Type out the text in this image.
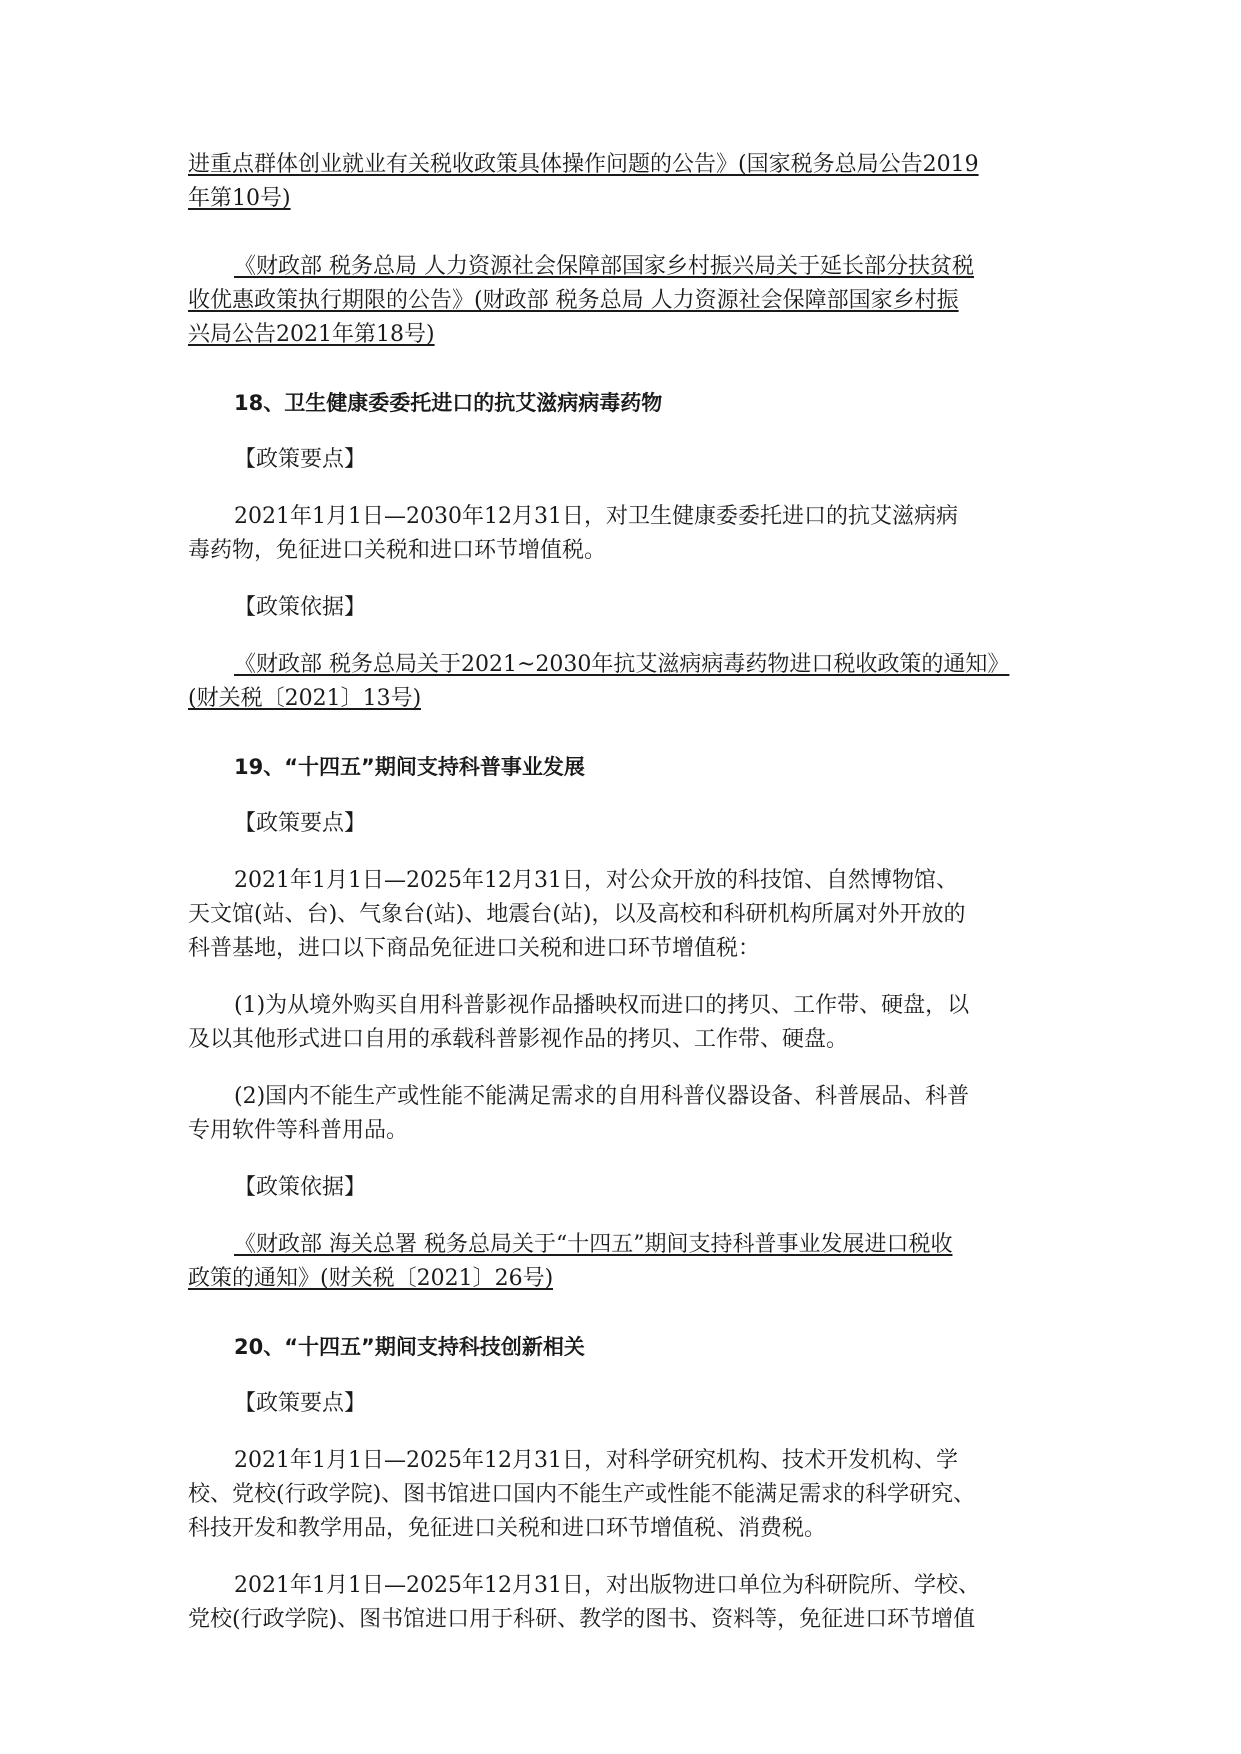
进重点群体创业就业有关税收政策具体操作问题的公告》(国家税务总局公告2019
年第10号)

《财政部 税务总局 人力资源社会保障部国家乡村振兴局关于延长部分扶贫税
收优惠政策执行期限的公告》(财政部 税务总局 人力资源社会保障部国家乡村振
兴局公告2021年第18号)

18、卫生健康委委托进口的抗艾滋病病毒药物

【政策要点】

2021年1月1日—2030年12月31日，对卫生健康委委托进口的抗艾滋病病
毒药物，免征进口关税和进口环节增值税。

【政策依据】

《财政部 税务总局关于2021~2030年抗艾滋病病毒药物进口税收政策的通知》
(财关税〔2021〕13号)

19、“十四五”期间支持科普事业发展

【政策要点】

2021年1月1日—2025年12月31日，对公众开放的科技馆、自然博物馆、
天文馆(站、台)、气象台(站)、地震台(站)，以及高校和科研机构所属对外开放的
科普基地，进口以下商品免征进口关税和进口环节增值税：

(1)为从境外购买自用科普影视作品播映权而进口的拷贝、工作带、硬盘，以
及以其他形式进口自用的承载科普影视作品的拷贝、工作带、硬盘。

(2)国内不能生产或性能不能满足需求的自用科普仪器设备、科普展品、科普
专用软件等科普用品。

【政策依据】

《财政部 海关总署 税务总局关于“十四五”期间支持科普事业发展进口税收
政策的通知》(财关税〔2021〕26号)

20、“十四五”期间支持科技创新相关

【政策要点】

2021年1月1日—2025年12月31日，对科学研究机构、技术开发机构、学
校、党校(行政学院)、图书馆进口国内不能生产或性能不能满足需求的科学研究、
科技开发和教学用品，免征进口关税和进口环节增值税、消费税。

2021年1月1日—2025年12月31日，对出版物进口单位为科研院所、学校、
党校(行政学院)、图书馆进口用于科研、教学的图书、资料等，免征进口环节增值
